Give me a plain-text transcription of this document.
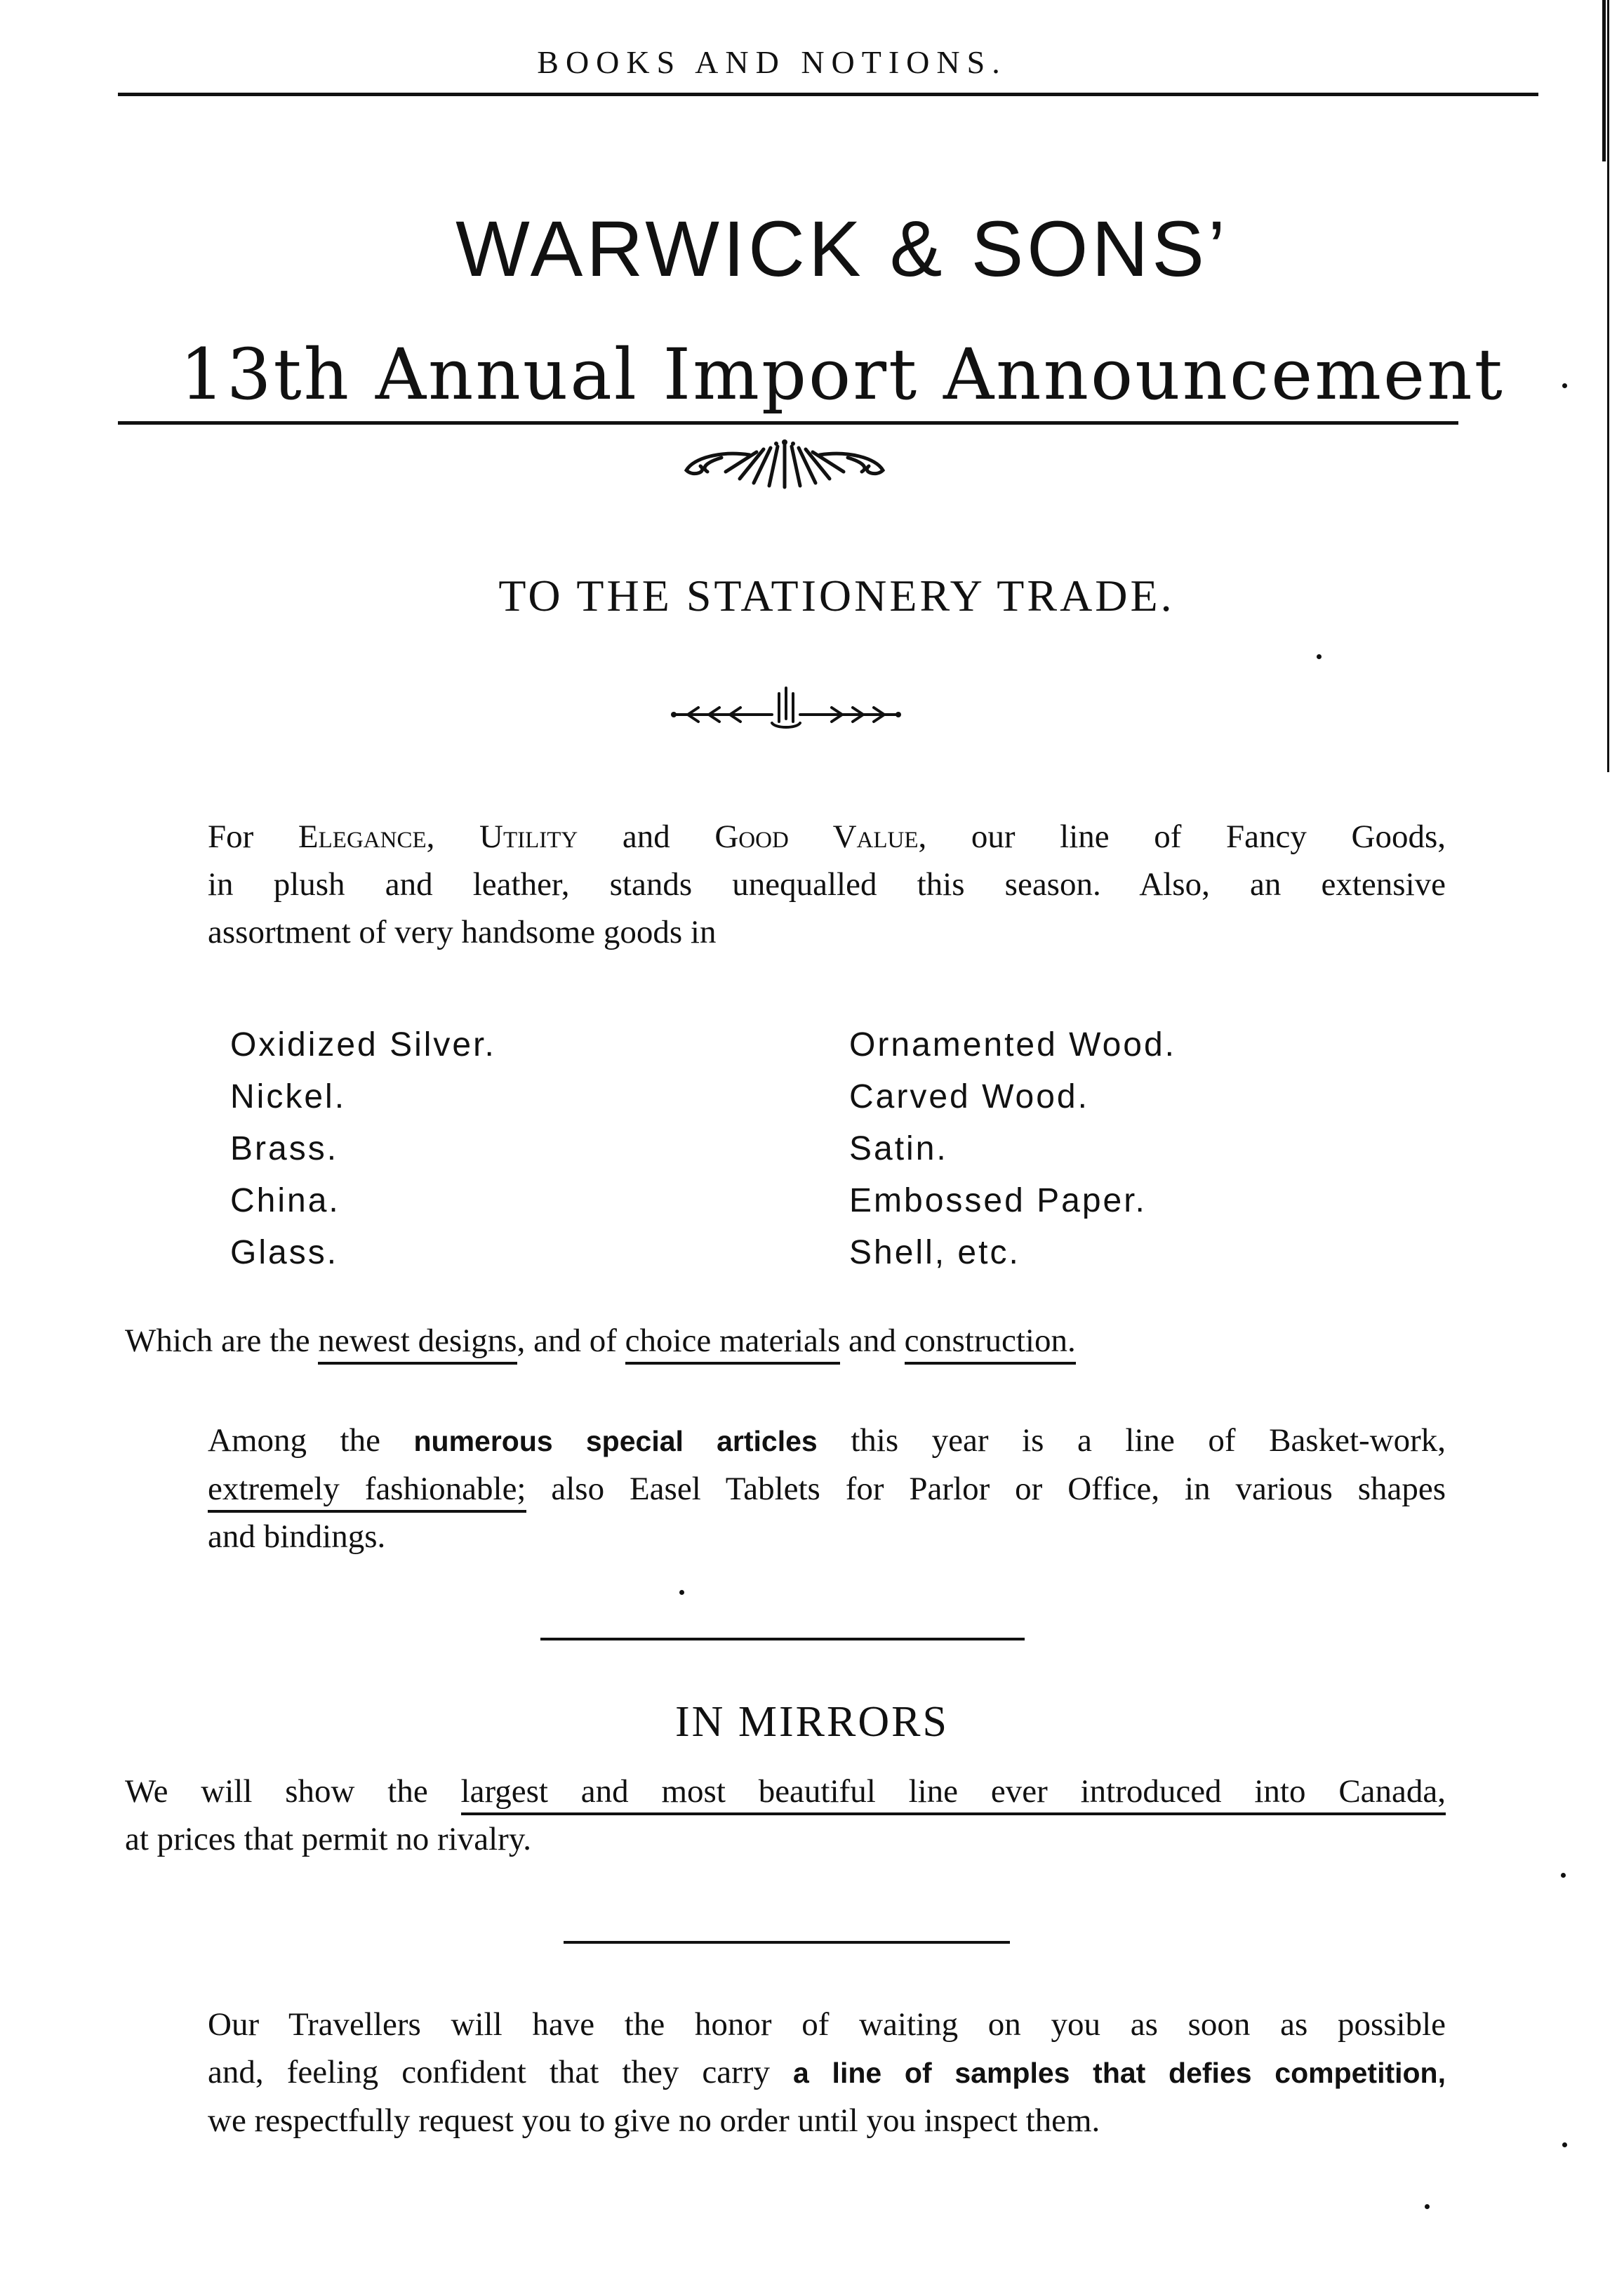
BOOKS AND NOTIONS.
WARWICK & SONS’
13th Annual Import Announcement
TO THE STATIONERY TRADE.
For Elegance, Utility and Good Value, our line of Fancy Goods,
in plush and leather, stands unequalled this season. Also, an extensive
assortment of very handsome goods in
Oxidized Silver.
Nickel.
Brass.
China.
Glass.
Ornamented Wood.
Carved Wood.
Satin.
Embossed Paper.
Shell, etc.
Which are the newest designs, and of choice materials and construction.
Among the numerous special articles this year is a line of Basket-work,
extremely fashionable; also Easel Tablets for Parlor or Office, in various shapes
and bindings.
IN MIRRORS
We will show the largest and most beautiful line ever introduced into Canada,
at prices that permit no rivalry.
Our Travellers will have the honor of waiting on you as soon as possible
and, feeling confident that they carry a line of samples that defies competition,
we respectfully request you to give no order until you inspect them.
